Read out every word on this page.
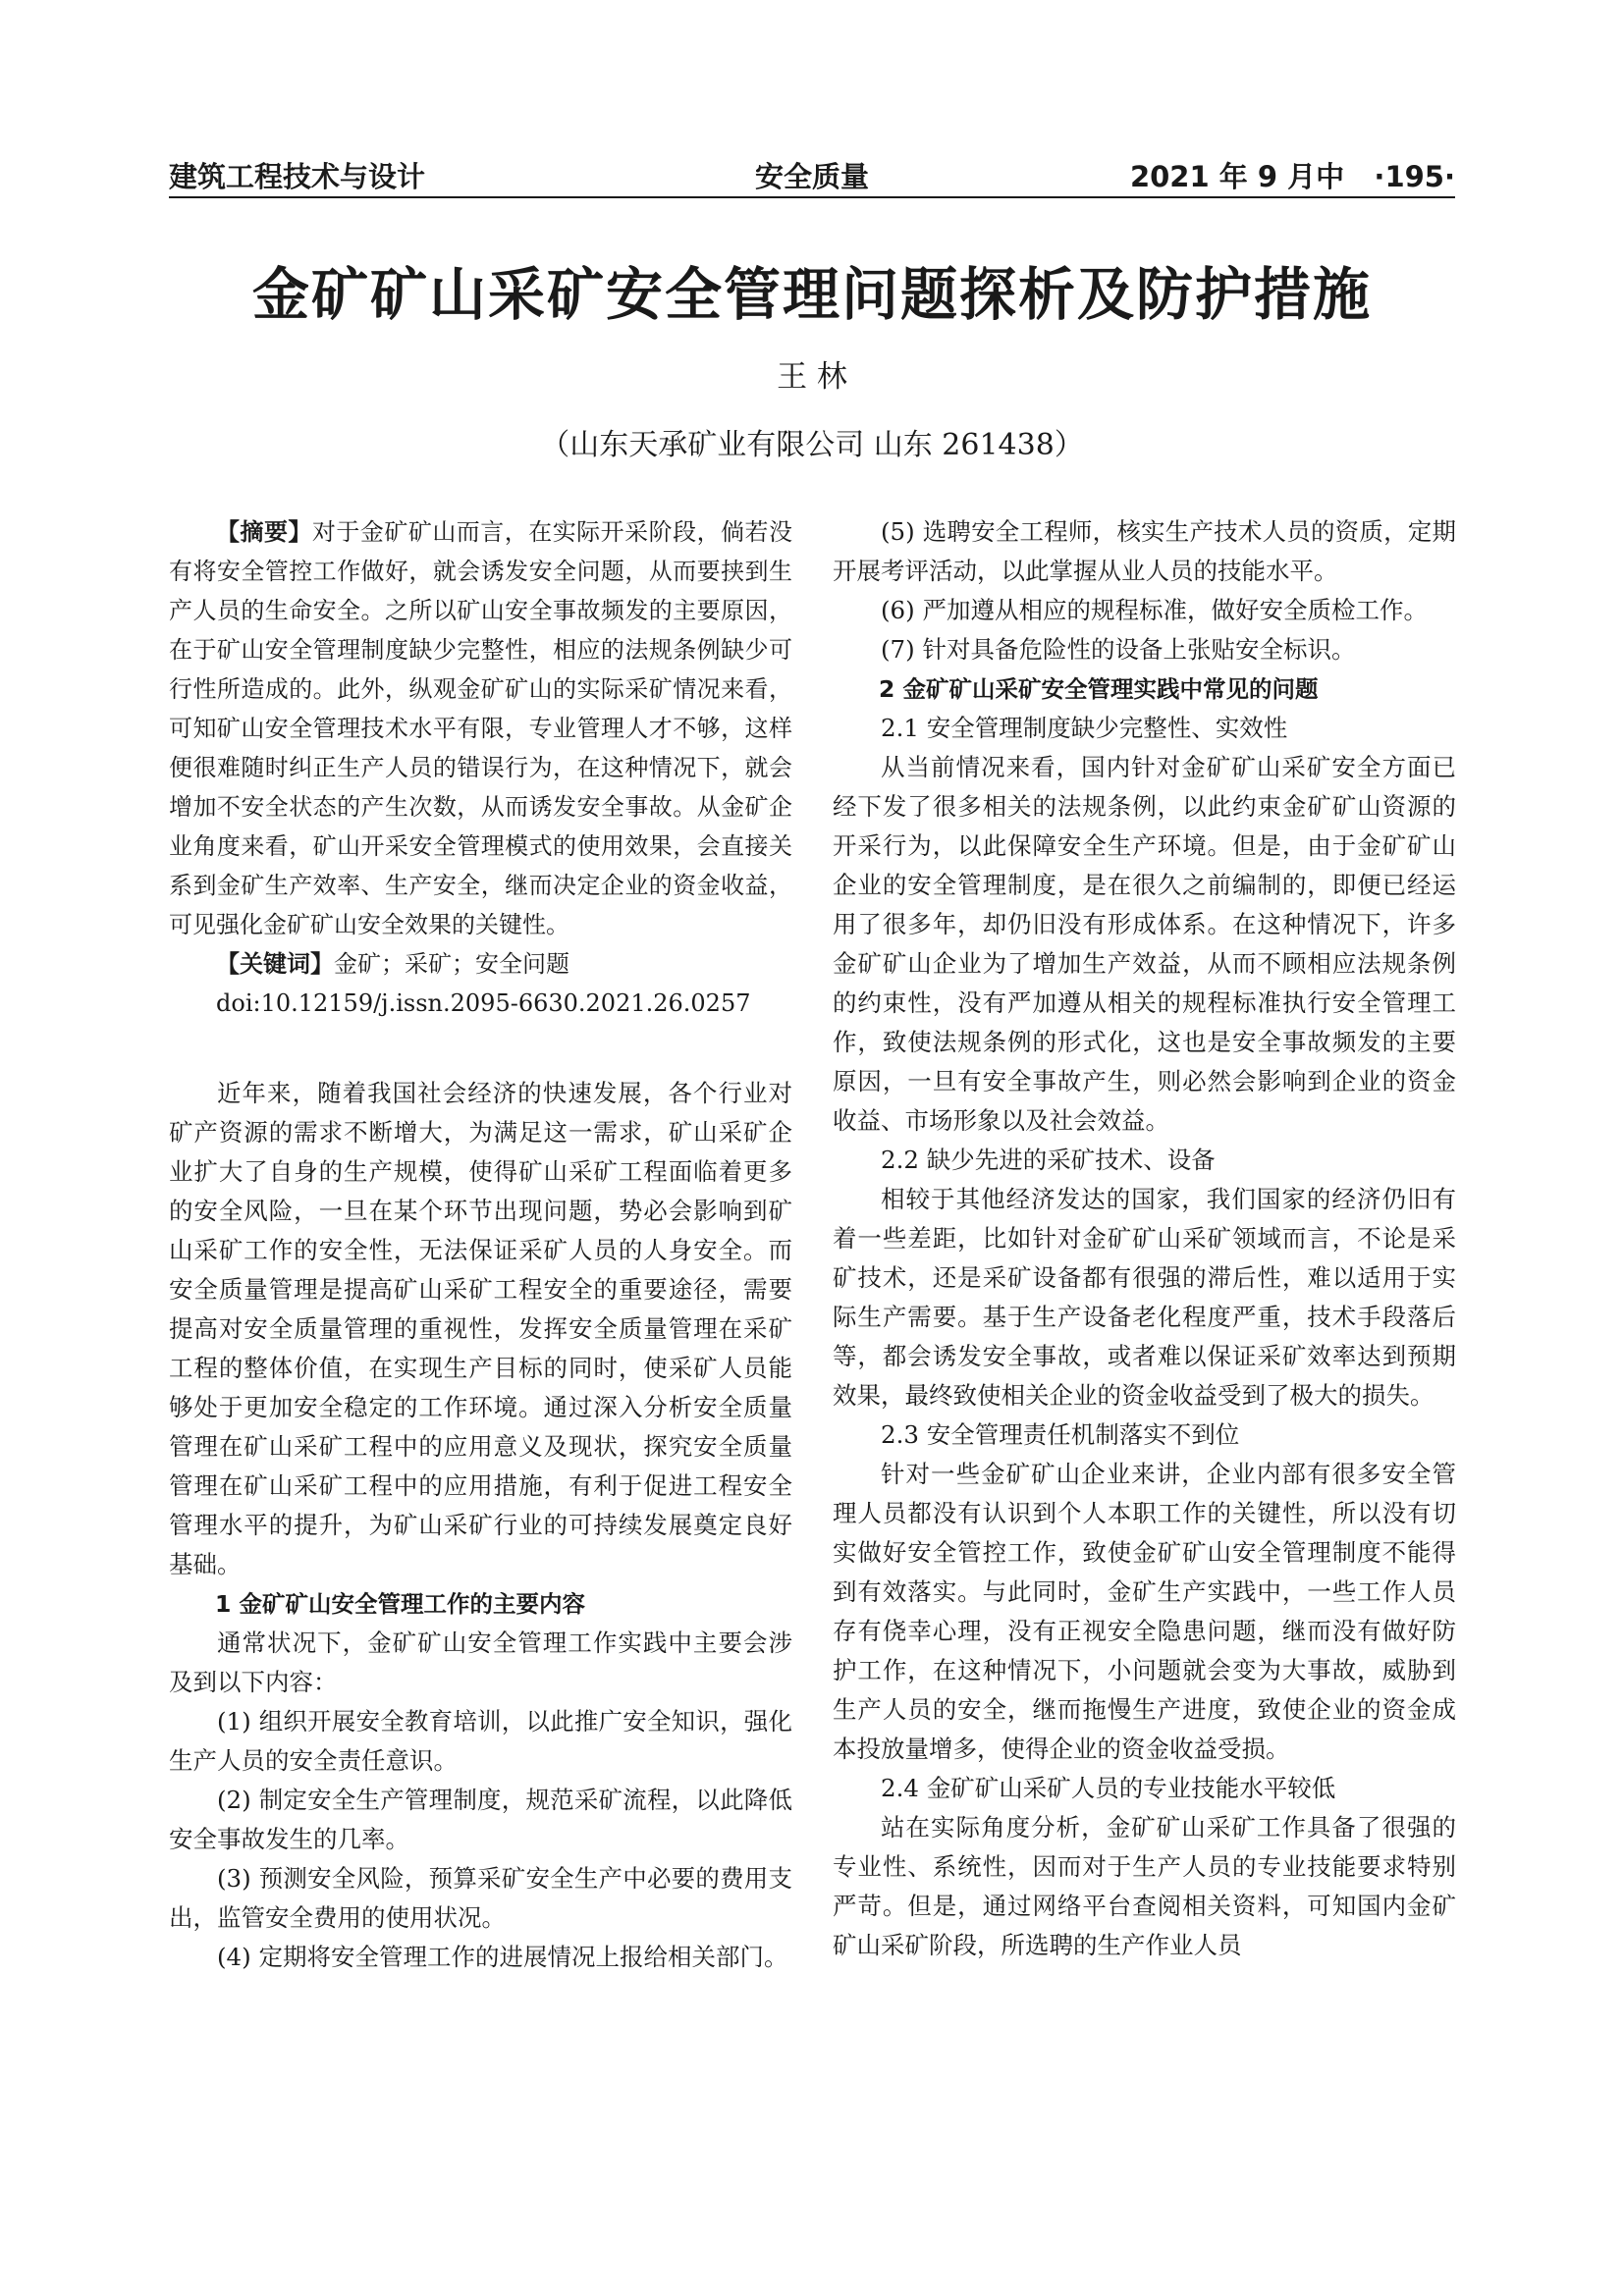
建筑工程技术与设计	安全质量	2021 年 9 月中 ·195·
金矿矿山采矿安全管理问题探析及防护措施
王 林
（山东天承矿业有限公司 山东 261438）

【摘要】对于金矿矿山而言，在实际开采阶段，倘若没有将安全管控工作做好，就会诱发安全问题，从而要挟到生产人员的生命安全。之所以矿山安全事故频发的主要原因，在于矿山安全管理制度缺少完整性，相应的法规条例缺少可行性所造成的。此外，纵观金矿矿山的实际采矿情况来看，可知矿山安全管理技术水平有限，专业管理人才不够，这样便很难随时纠正生产人员的错误行为，在这种情况下，就会增加不安全状态的产生次数，从而诱发安全事故。从金矿企业角度来看，矿山开采安全管理模式的使用效果，会直接关系到金矿生产效率、生产安全，继而决定企业的资金收益，可见强化金矿矿山安全效果的关键性。

【关键词】金矿；采矿；安全问题

doi:10.12159/j.issn.2095-6630.2021.26.0257

近年来，随着我国社会经济的快速发展，各个行业对矿产资源的需求不断增大，为满足这一需求，矿山采矿企业扩大了自身的生产规模，使得矿山采矿工程面临着更多的安全风险，一旦在某个环节出现问题，势必会影响到矿山采矿工作的安全性，无法保证采矿人员的人身安全。而安全质量管理是提高矿山采矿工程安全的重要途径，需要提高对安全质量管理的重视性，发挥安全质量管理在采矿工程的整体价值，在实现生产目标的同时，使采矿人员能够处于更加安全稳定的工作环境。通过深入分析安全质量管理在矿山采矿工程中的应用意义及现状，探究安全质量管理在矿山采矿工程中的应用措施，有利于促进工程安全管理水平的提升，为矿山采矿行业的可持续发展奠定良好基础。

1 金矿矿山安全管理工作的主要内容

通常状况下，金矿矿山安全管理工作实践中主要会涉及到以下内容：

(1) 组织开展安全教育培训，以此推广安全知识，强化生产人员的安全责任意识。

(2) 制定安全生产管理制度，规范采矿流程，以此降低安全事故发生的几率。

(3) 预测安全风险，预算采矿安全生产中必要的费用支出，监管安全费用的使用状况。

(4) 定期将安全管理工作的进展情况上报给相关部门。

(5) 选聘安全工程师，核实生产技术人员的资质，定期开展考评活动，以此掌握从业人员的技能水平。

(6) 严加遵从相应的规程标准，做好安全质检工作。

(7) 针对具备危险性的设备上张贴安全标识。

2 金矿矿山采矿安全管理实践中常见的问题

2.1 安全管理制度缺少完整性、实效性

从当前情况来看，国内针对金矿矿山采矿安全方面已经下发了很多相关的法规条例，以此约束金矿矿山资源的开采行为，以此保障安全生产环境。但是，由于金矿矿山企业的安全管理制度，是在很久之前编制的，即便已经运用了很多年，却仍旧没有形成体系。在这种情况下，许多金矿矿山企业为了增加生产效益，从而不顾相应法规条例的约束性，没有严加遵从相关的规程标准执行安全管理工作，致使法规条例的形式化，这也是安全事故频发的主要原因，一旦有安全事故产生，则必然会影响到企业的资金收益、市场形象以及社会效益。

2.2 缺少先进的采矿技术、设备

相较于其他经济发达的国家，我们国家的经济仍旧有着一些差距，比如针对金矿矿山采矿领域而言，不论是采矿技术，还是采矿设备都有很强的滞后性，难以适用于实际生产需要。基于生产设备老化程度严重，技术手段落后等，都会诱发安全事故，或者难以保证采矿效率达到预期效果，最终致使相关企业的资金收益受到了极大的损失。

2.3 安全管理责任机制落实不到位

针对一些金矿矿山企业来讲，企业内部有很多安全管理人员都没有认识到个人本职工作的关键性，所以没有切实做好安全管控工作，致使金矿矿山安全管理制度不能得到有效落实。与此同时，金矿生产实践中，一些工作人员存有侥幸心理，没有正视安全隐患问题，继而没有做好防护工作，在这种情况下，小问题就会变为大事故，威胁到生产人员的安全，继而拖慢生产进度，致使企业的资金成本投放量增多，使得企业的资金收益受损。

2.4 金矿矿山采矿人员的专业技能水平较低

站在实际角度分析，金矿矿山采矿工作具备了很强的专业性、系统性，因而对于生产人员的专业技能要求特别严苛。但是，通过网络平台查阅相关资料，可知国内金矿矿山采矿阶段，所选聘的生产作业人员
